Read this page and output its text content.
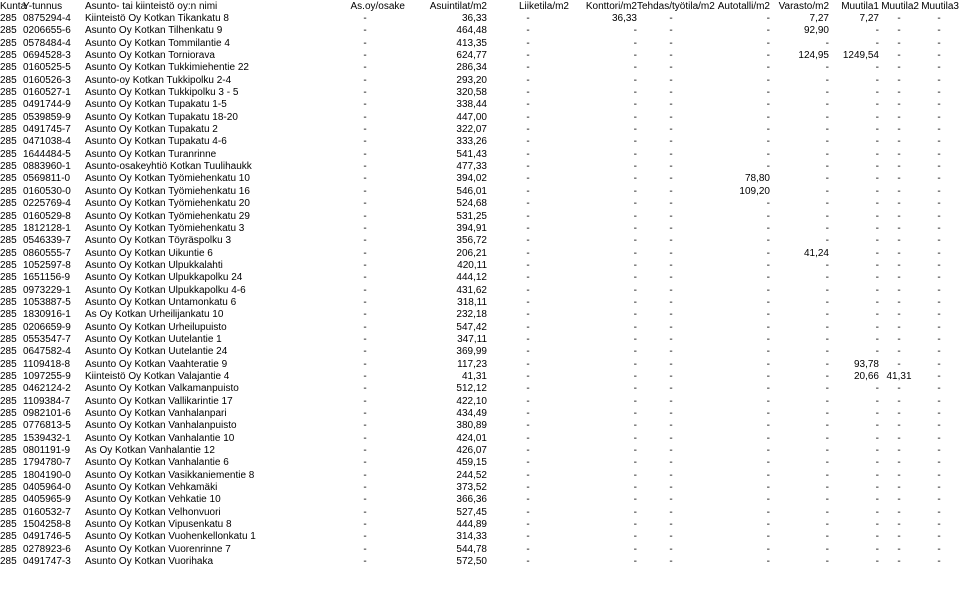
Kunta	Y-tunnus	Asunto- tai kiinteistö oy:n nimi	As.oy/osake	Asuintilat/m2	Liiketila/m2	Konttori/m2	Tehdas/työtila/m2	Autotalli/m2	Varasto/m2	Muutila1	Muutila2	Muutila3
285	0875294-4	Kiinteistö Oy Kotkan Tikankatu 8	-	36,33	-	36,33	-	-	7,27	7,27	-	-
285	0206655-6	Asunto Oy Kotkan Tilhenkatu 9	-	464,48	-	-	-	-	92,90	-	-	-
285	0578484-4	Asunto Oy Kotkan Tommilantie 4	-	413,35	-	-	-	-	-	-	-	-
285	0694528-3	Asunto Oy Kotkan Torniorava	-	624,77	-	-	-	-	124,95	1249,54	-	-
285	0160525-5	Asunto Oy Kotkan Tukkimiehentie 22	-	286,34	-	-	-	-	-	-	-	-
285	0160526-3	Asunto-oy Kotkan Tukkipolku 2-4	-	293,20	-	-	-	-	-	-	-	-
285	0160527-1	Asunto Oy Kotkan Tukkipolku 3 - 5	-	320,58	-	-	-	-	-	-	-	-
285	0491744-9	Asunto Oy Kotkan Tupakatu 1-5	-	338,44	-	-	-	-	-	-	-	-
285	0539859-9	Asunto Oy Kotkan Tupakatu 18-20	-	447,00	-	-	-	-	-	-	-	-
285	0491745-7	Asunto Oy Kotkan Tupakatu 2	-	322,07	-	-	-	-	-	-	-	-
285	0471038-4	Asunto Oy Kotkan Tupakatu 4-6	-	333,26	-	-	-	-	-	-	-	-
285	1644484-5	Asunto Oy Kotkan Turanrinne	-	541,43	-	-	-	-	-	-	-	-
285	0883960-1	Asunto-osakeyhtiö Kotkan Tuulihaukk	-	477,33	-	-	-	-	-	-	-	-
285	0569811-0	Asunto Oy Kotkan Työmiehenkatu 10	-	394,02	-	-	-	78,80	-	-	-	-
285	0160530-0	Asunto Oy Kotkan Työmiehenkatu 16	-	546,01	-	-	-	109,20	-	-	-	-
285	0225769-4	Asunto Oy Kotkan Työmiehenkatu 20	-	524,68	-	-	-	-	-	-	-	-
285	0160529-8	Asunto Oy Kotkan Työmiehenkatu 29	-	531,25	-	-	-	-	-	-	-	-
285	1812128-1	Asunto Oy Kotkan Työmiehenkatu 3	-	394,91	-	-	-	-	-	-	-	-
285	0546339-7	Asunto Oy Kotkan Töyräspolku 3	-	356,72	-	-	-	-	-	-	-	-
285	0860555-7	Asunto Oy Kotkan Uikuntie 6	-	206,21	-	-	-	-	41,24	-	-	-
285	1052597-8	Asunto Oy Kotkan Ulpukkalahti	-	420,11	-	-	-	-	-	-	-	-
285	1651156-9	Asunto Oy Kotkan Ulpukkapolku 24	-	444,12	-	-	-	-	-	-	-	-
285	0973229-1	Asunto Oy Kotkan Ulpukkapolku 4-6	-	431,62	-	-	-	-	-	-	-	-
285	1053887-5	Asunto Oy Kotkan Untamonkatu 6	-	318,11	-	-	-	-	-	-	-	-
285	1830916-1	As Oy Kotkan Urheilijankatu 10	-	232,18	-	-	-	-	-	-	-	-
285	0206659-9	Asunto Oy Kotkan Urheilupuisto	-	547,42	-	-	-	-	-	-	-	-
285	0553547-7	Asunto Oy Kotkan Uutelantie 1	-	347,11	-	-	-	-	-	-	-	-
285	0647582-4	Asunto Oy Kotkan Uutelantie 24	-	369,99	-	-	-	-	-	-	-	-
285	1109418-8	Asunto Oy Kotkan Vaahteratie 9	-	117,23	-	-	-	-	-	93,78	-	-
285	1097255-9	Kiinteistö Oy Kotkan Valajantie 4	-	41,31	-	-	-	-	-	20,66	41,31	-
285	0462124-2	Asunto Oy Kotkan Valkamanpuisto	-	512,12	-	-	-	-	-	-	-	-
285	1109384-7	Asunto Oy Kotkan Vallikarintie 17	-	422,10	-	-	-	-	-	-	-	-
285	0982101-6	Asunto Oy Kotkan Vanhalanpari	-	434,49	-	-	-	-	-	-	-	-
285	0776813-5	Asunto Oy Kotkan Vanhalanpuisto	-	380,89	-	-	-	-	-	-	-	-
285	1539432-1	Asunto Oy Kotkan Vanhalantie 10	-	424,01	-	-	-	-	-	-	-	-
285	0801191-9	As Oy Kotkan Vanhalantie 12	-	426,07	-	-	-	-	-	-	-	-
285	1794780-7	Asunto Oy Kotkan Vanhalantie 6	-	459,15	-	-	-	-	-	-	-	-
285	1804190-0	Asunto Oy Kotkan Vasikkaniementie 8	-	244,52	-	-	-	-	-	-	-	-
285	0405964-0	Asunto Oy Kotkan Vehkamäki	-	373,52	-	-	-	-	-	-	-	-
285	0405965-9	Asunto Oy Kotkan Vehkatie 10	-	366,36	-	-	-	-	-	-	-	-
285	0160532-7	Asunto Oy Kotkan Velhonvuori	-	527,45	-	-	-	-	-	-	-	-
285	1504258-8	Asunto Oy Kotkan Vipusenkatu 8	-	444,89	-	-	-	-	-	-	-	-
285	0491746-5	Asunto Oy Kotkan Vuohenkellonkatu 1	-	314,33	-	-	-	-	-	-	-	-
285	0278923-6	Asunto Oy Kotkan Vuorenrinne 7	-	544,78	-	-	-	-	-	-	-	-
285	0491747-3	Asunto Oy Kotkan Vuorihaka	-	572,50	-	-	-	-	-	-	-	-
